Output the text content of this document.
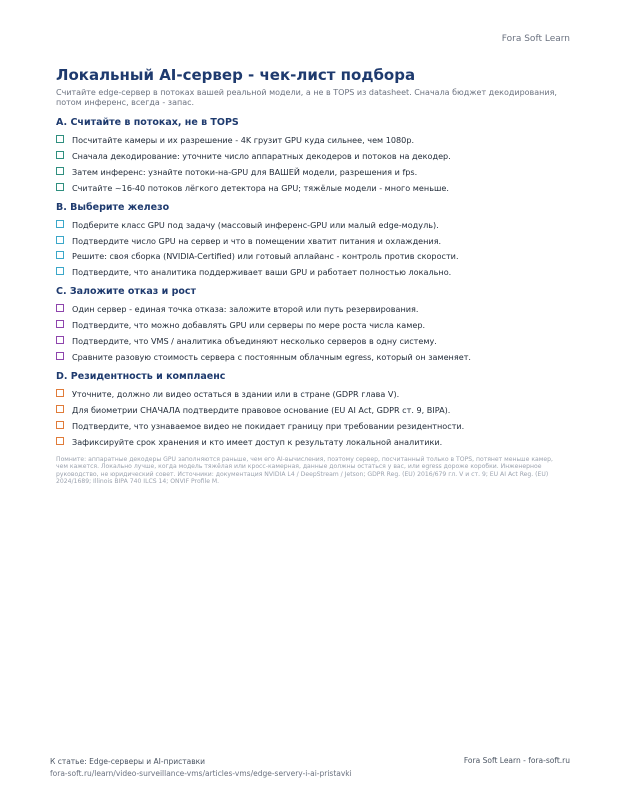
Fora Soft Learn
Локальный AI-сервер - чек-лист подбора

Считайте edge-сервер в потоках вашей реальной модели, а не в TOPS из datasheet. Сначала бюджет декодирования, потом инференс, всегда - запас.

A. Считайте в потоках, не в TOPS
Посчитайте камеры и их разрешение - 4K грузит GPU куда сильнее, чем 1080p.
Сначала декодирование: уточните число аппаратных декодеров и потоков на декодер.
Затем инференс: узнайте потоки-на-GPU для ВАШЕЙ модели, разрешения и fps.
Считайте ~16-40 потоков лёгкого детектора на GPU; тяжёлые модели - много меньше.
B. Выберите железо
Подберите класс GPU под задачу (массовый инференс-GPU или малый edge-модуль).
Подтвердите число GPU на сервер и что в помещении хватит питания и охлаждения.
Решите: своя сборка (NVIDIA-Certified) или готовый аплайанс - контроль против скорости.
Подтвердите, что аналитика поддерживает ваши GPU и работает полностью локально.
C. Заложите отказ и рост
Один сервер - единая точка отказа: заложите второй или путь резервирования.
Подтвердите, что можно добавлять GPU или серверы по мере роста числа камер.
Подтвердите, что VMS / аналитика объединяют несколько серверов в одну систему.
Сравните разовую стоимость сервера с постоянным облачным egress, который он заменяет.
D. Резидентность и комплаенс
Уточните, должно ли видео остаться в здании или в стране (GDPR глава V).
Для биометрии СНАЧАЛА подтвердите правовое основание (EU AI Act, GDPR ст. 9, BIPA).
Подтвердите, что узнаваемое видео не покидает границу при требовании резидентности.
Зафиксируйте срок хранения и кто имеет доступ к результату локальной аналитики.
Помните: аппаратные декодеры GPU заполняются раньше, чем его AI-вычисления, поэтому сервер, посчитанный только в TOPS, потянет меньше камер, чем кажется. Локально лучше, когда модель тяжёлая или кросс-камерная, данные должны остаться у вас, или egress дороже коробки. Инженерное руководство, не юридический совет. Источники: документация NVIDIA L4 / DeepStream / Jetson; GDPR Reg. (EU) 2016/679 гл. V и ст. 9; EU AI Act Reg. (EU) 2024/1689; Illinois BIPA 740 ILCS 14; ONVIF Profile M.
К статье: Edge-серверы и AI-приставки
fora-soft.ru/learn/video-surveillance-vms/articles-vms/edge-servery-i-ai-pristavki
Fora Soft Learn - fora-soft.ru
